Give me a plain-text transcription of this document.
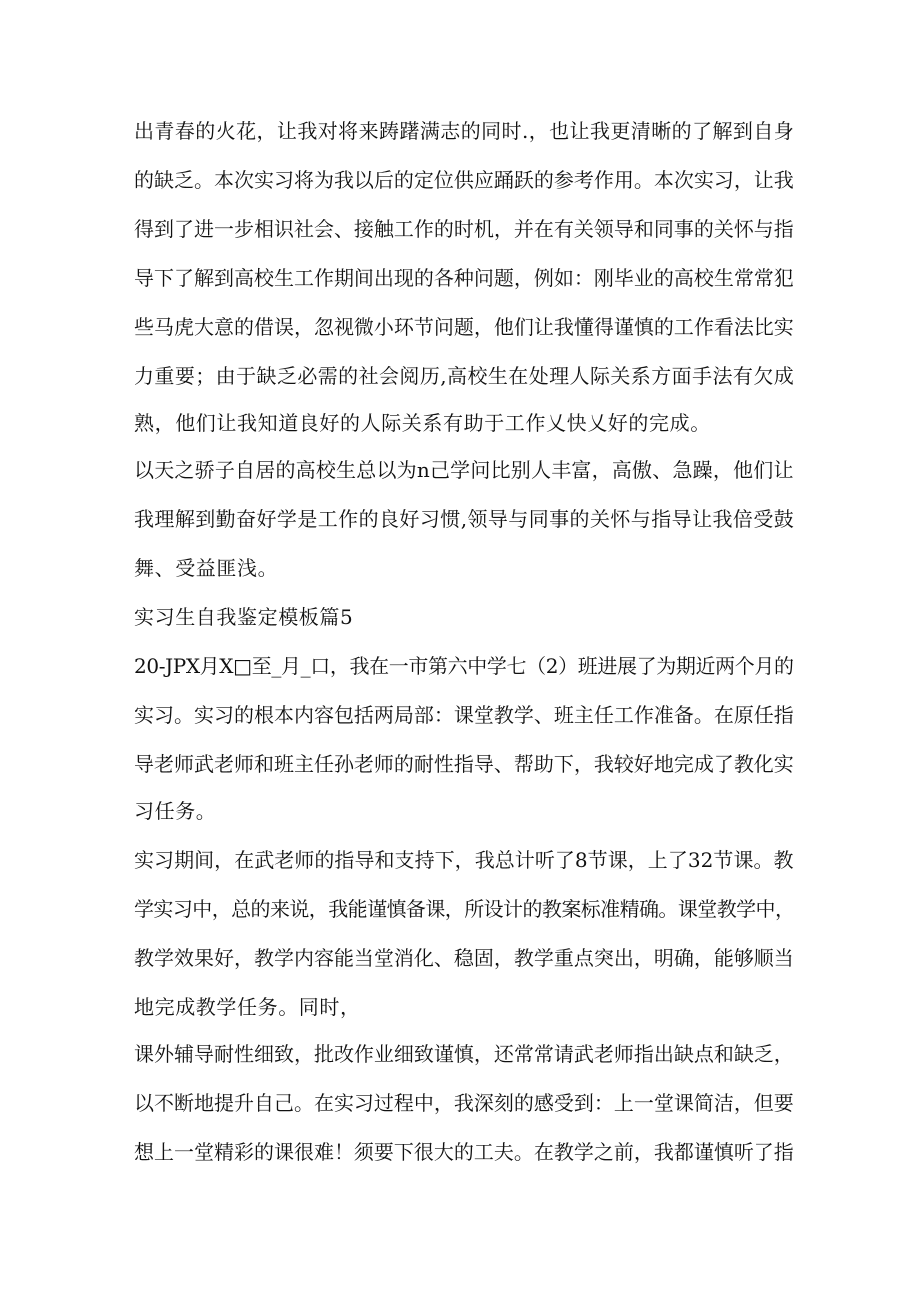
出青春的火花，让我对将来踌躇满志的同时.，也让我更清晰的了解到自身
的缺乏。本次实习将为我以后的定位供应踊跃的参考作用。本次实习，让我
得到了进一步相识社会、接触工作的时机，并在有关领导和同事的关怀与指
导下了解到高校生工作期间出现的各种问题，例如：刚毕业的高校生常常犯
些马虎大意的借误，忽视微小环节问题，他们让我懂得谨慎的工作看法比实
力重要；由于缺乏必需的社会阅历,高校生在处理人际关系方面手法有欠成
熟，他们让我知道良好的人际关系有助于工作乂快乂好的完成。
以天之骄子自居的高校生总以为n己学问比别人丰富，高傲、急躁，他们让
我理解到勤奋好学是工作的良好习惯,领导与同事的关怀与指导让我倍受鼓
舞、受益匪浅。
实习生自我鉴定模板篇5
20-JPX月X□至_月_口，我在一市第六中学七（2）班进展了为期近两个月的
实习。实习的根本内容包括两局部：课堂教学、班主任工作准备。在原任指
导老师武老师和班主任孙老师的耐性指导、帮助下，我较好地完成了教化实
习任务。
实习期间，在武老师的指导和支持下，我总计听了8节课，上了32节课。教
学实习中，总的来说，我能谨慎备课，所设计的教案标准精确。课堂教学中，
教学效果好，教学内容能当堂消化、稳固，教学重点突出，明确，能够顺当
地完成教学任务。同时，
课外辅导耐性细致，批改作业细致谨慎，还常常请武老师指出缺点和缺乏，
以不断地提升自己。在实习过程中，我深刻的感受到：上一堂课简洁，但要
想上一堂精彩的课很难！须要下很大的工夫。在教学之前，我都谨慎听了指
